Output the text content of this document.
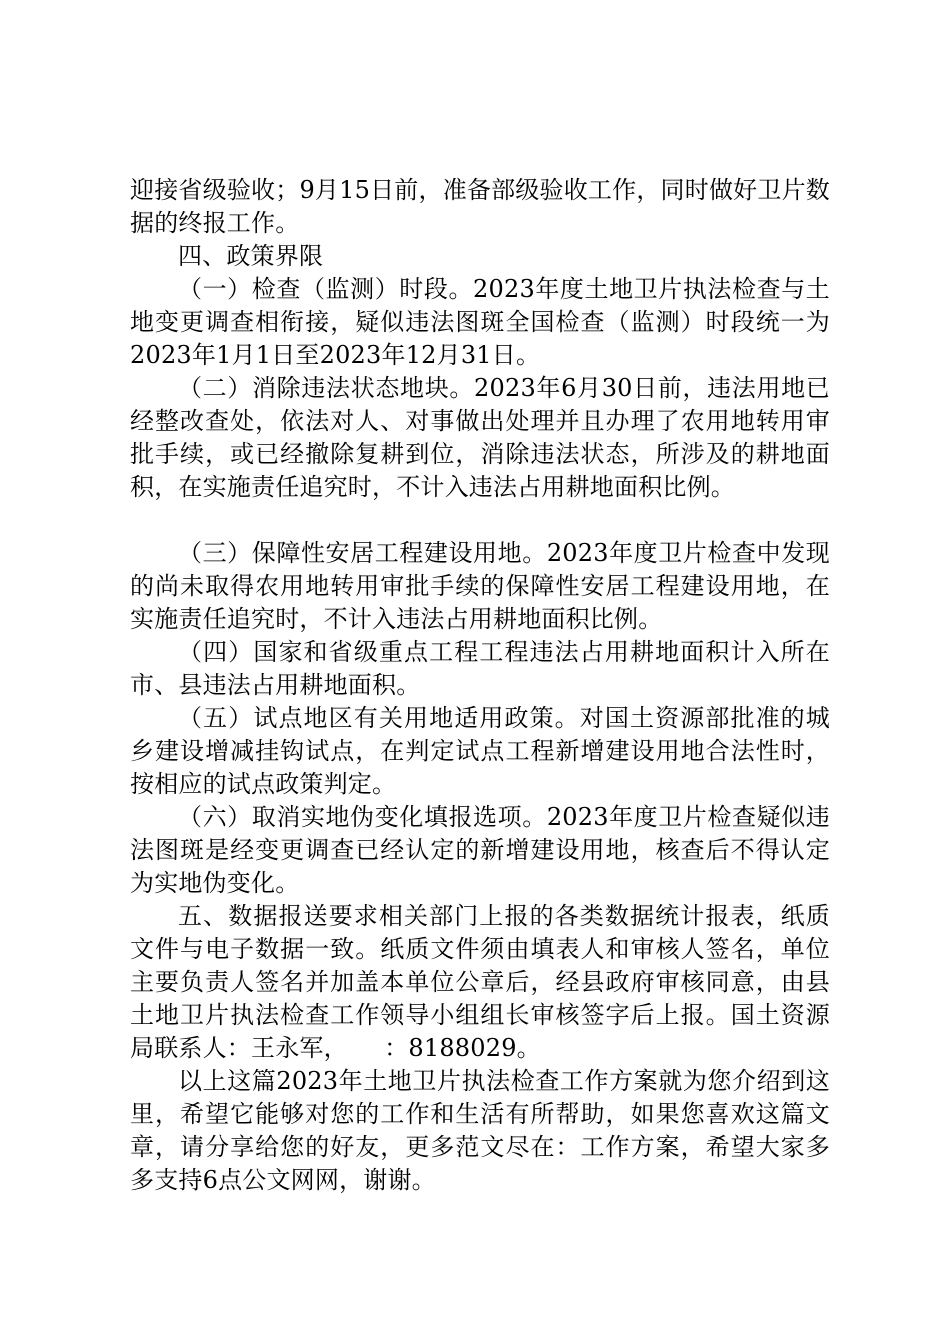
迎接省级验收；9月15日前，准备部级验收工作，同时做好卫片数据的终报工作。

四、政策界限

（一）检查（监测）时段。2023年度土地卫片执法检查与土地变更调查相衔接，疑似违法图斑全国检查（监测）时段统一为2023年1月1日至2023年12月31日。

（二）消除违法状态地块。2023年6月30日前，违法用地已经整改查处，依法对人、对事做出处理并且办理了农用地转用审批手续，或已经撤除复耕到位，消除违法状态，所涉及的耕地面积，在实施责任追究时，不计入违法占用耕地面积比例。

（三）保障性安居工程建设用地。2023年度卫片检查中发现的尚未取得农用地转用审批手续的保障性安居工程建设用地，在实施责任追究时，不计入违法占用耕地面积比例。

（四）国家和省级重点工程工程违法占用耕地面积计入所在市、县违法占用耕地面积。

（五）试点地区有关用地适用政策。对国土资源部批准的城乡建设增减挂钩试点，在判定试点工程新增建设用地合法性时，按相应的试点政策判定。

（六）取消实地伪变化填报选项。2023年度卫片检查疑似违法图斑是经变更调查已经认定的新增建设用地，核查后不得认定为实地伪变化。

五、数据报送要求相关部门上报的各类数据统计报表，纸质文件与电子数据一致。纸质文件须由填表人和审核人签名，单位主要负责人签名并加盖本单位公章后，经县政府审核同意，由县土地卫片执法检查工作领导小组组长审核签字后上报。国土资源局联系人：王永军，　　：8188029。

以上这篇2023年土地卫片执法检查工作方案就为您介绍到这里，希望它能够对您的工作和生活有所帮助，如果您喜欢这篇文章，请分享给您的好友，更多范文尽在：工作方案，希望大家多多支持6点公文网网，谢谢。
